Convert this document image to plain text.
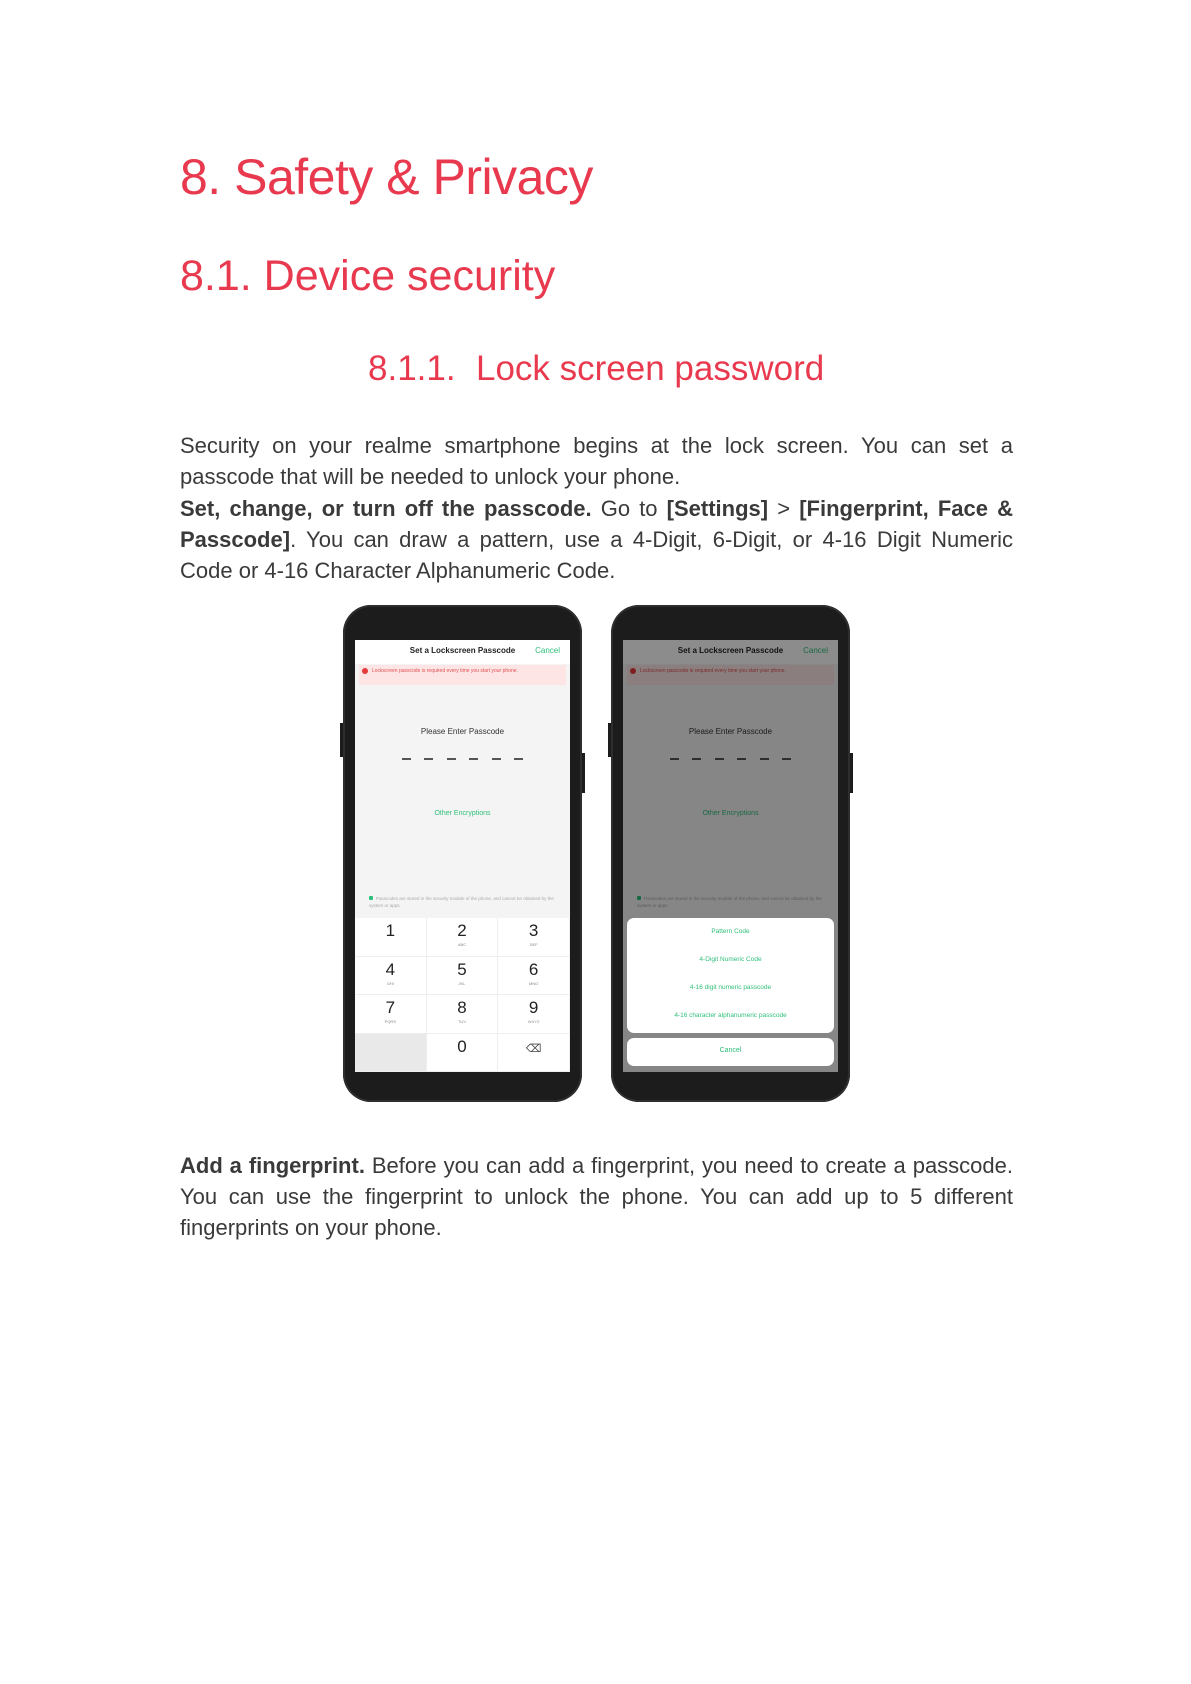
8. Safety & Privacy
8.1. Device security
8.1.1. Lock screen password

Security on your realme smartphone begins at the lock screen. You can set a passcode that will be needed to unlock your phone.

Set, change, or turn off the passcode. Go to [Settings] > [Fingerprint, Face & Passcode]. You can draw a pattern, use a 4-Digit, 6-Digit, or 4-16 Digit Numeric Code or 4-16 Character Alphanumeric Code.

Set a Lockscreen Passcode	Cancel
Lockscreen passcode is required every time you start your phone.
Please Enter Passcode
Other Encryptions
Passcodes are stored in the security module of the phone, and cannot be obtained by the system or apps.
1	2
ABC
3
DEF
4
GHI
5
JKL
6
MNO
7
PQRS
8
TUV
9
WXYZ
0	⌫
Set a Lockscreen Passcode	Cancel
Lockscreen passcode is required every time you start your phone.
Please Enter Passcode
Other Encryptions
Passcodes are stored in the security module of the phone, and cannot be obtained by the system or apps.
Pattern Code
4-Digit Numeric Code
4-16 digit numeric passcode
4-16 character alphanumeric passcode
Cancel

Add a fingerprint. Before you can add a fingerprint, you need to create a passcode. You can use the fingerprint to unlock the phone. You can add up to 5 different fingerprints on your phone.
